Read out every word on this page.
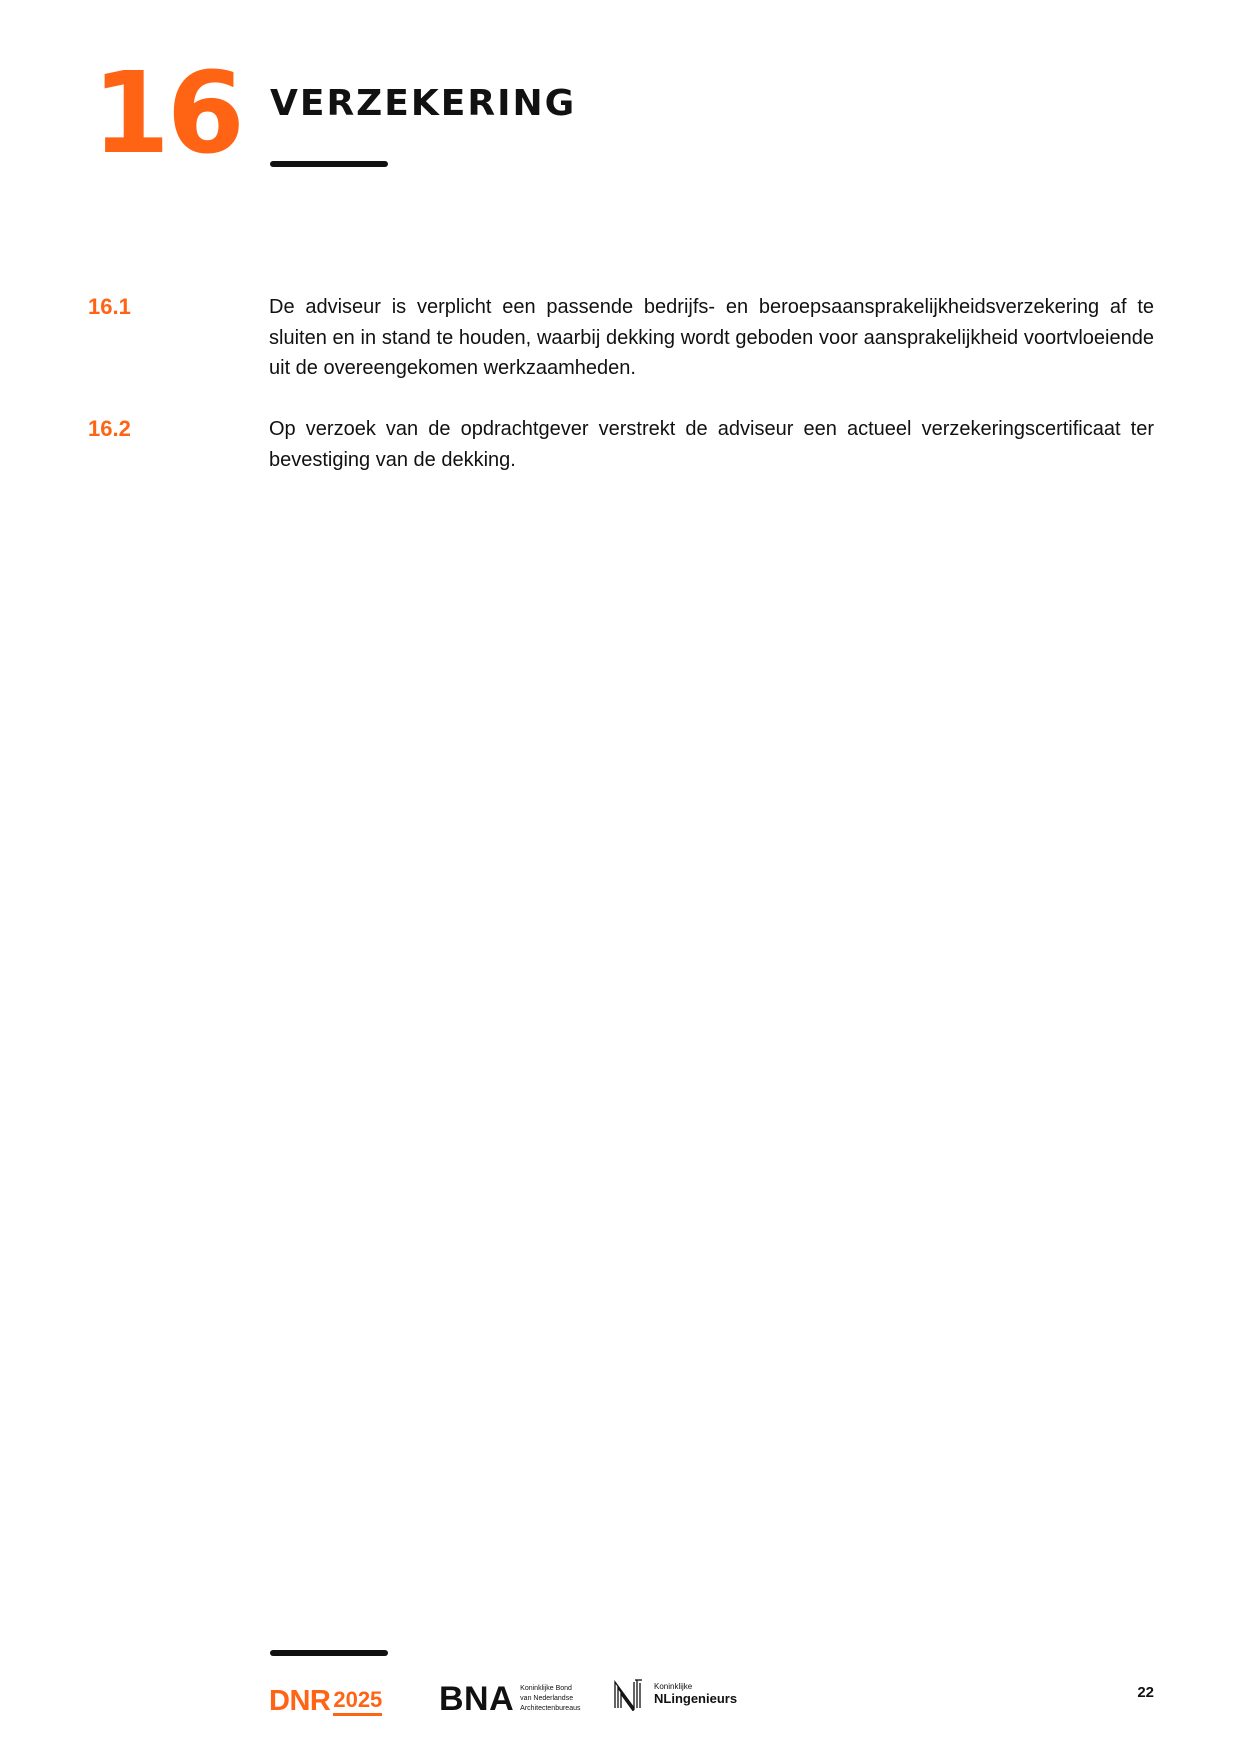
16 VERZEKERING
16.1	De adviseur is verplicht een passende bedrijfs- en beroepsaansprakelijkheidsverzekering af te sluiten en in stand te houden, waarbij dekking wordt geboden voor aansprakelijkheid voortvloeiende uit de overeengekomen werkzaamheden.

16.2	Op verzoek van de opdrachtgever verstrekt de adviseur een actueel verzekeringscertificaat ter bevestiging van de dekking.

DNR 2025 BNA Koninklijke Bond
van Nederlandse
Architectenbureaus
Koninklijke
NLingenieurs	22
